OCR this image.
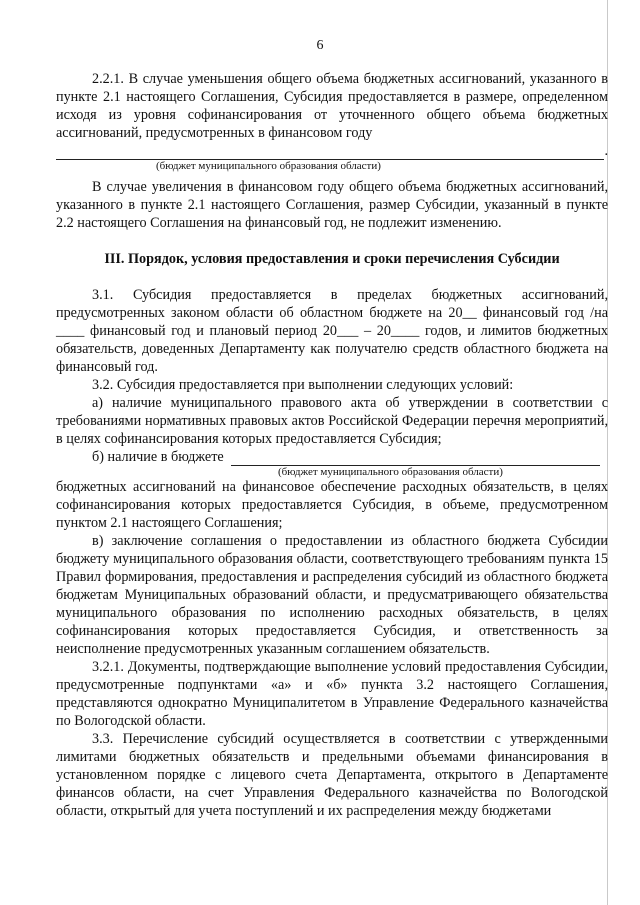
6

2.2.1. В случае уменьшения общего объема бюджетных ассигнований, указанного в пункте 2.1 настоящего Соглашения, Субсидия предоставляется в размере, определенном исходя из уровня софинансирования от уточненного общего объема бюджетных ассигнований, предусмотренных в финансовом году

.
(бюджет муниципального образования области)

В случае увеличения в финансовом году общего объема бюджетных ассигнований, указанного в пункте 2.1 настоящего Соглашения, размер Субсидии, указанный в пункте 2.2 настоящего Соглашения на финансовый год, не подлежит изменению.

III. Порядок, условия предоставления и сроки перечисления Субсидии

3.1. Субсидия предоставляется в пределах бюджетных ассигнований, предусмотренных законом области об областном бюджете на 20__ финансовый год /на ____ финансовый год и плановый период 20___ – 20____ годов, и лимитов бюджетных обязательств, доведенных Департаменту как получателю средств областного бюджета на финансовый год.

3.2. Субсидия предоставляется при выполнении следующих условий:

а) наличие муниципального правового акта об утверждении в соответствии с требованиями нормативных правовых актов Российской Федерации перечня мероприятий, в целях софинансирования которых предоставляется Субсидия;

б) наличие в бюджете
(бюджет муниципального образования области)

бюджетных ассигнований на финансовое обеспечение расходных обязательств, в целях софинансирования которых предоставляется Субсидия, в объеме, предусмотренном пунктом 2.1 настоящего Соглашения;

в) заключение соглашения о предоставлении из областного бюджета Субсидии бюджету муниципального образования области, соответствующего требованиям пункта 15 Правил формирования, предоставления и распределения субсидий из областного бюджета бюджетам Муниципальных образований области, и предусматривающего обязательства муниципального образования по исполнению расходных обязательств, в целях софинансирования которых предоставляется Субсидия, и ответственность за неисполнение предусмотренных указанным соглашением обязательств.

3.2.1. Документы, подтверждающие выполнение условий предоставления Субсидии, предусмотренные подпунктами «а» и «б» пункта 3.2 настоящего Соглашения, представляются однократно Муниципалитетом в Управление Федерального казначейства по Вологодской области.

3.3. Перечисление субсидий осуществляется в соответствии с утвержденными лимитами бюджетных обязательств и предельными объемами финансирования в установленном порядке с лицевого счета Департамента, открытого в Департаменте финансов области, на счет Управления Федерального казначейства по Вологодской области, открытый для учета поступлений и их распределения между бюджетами
